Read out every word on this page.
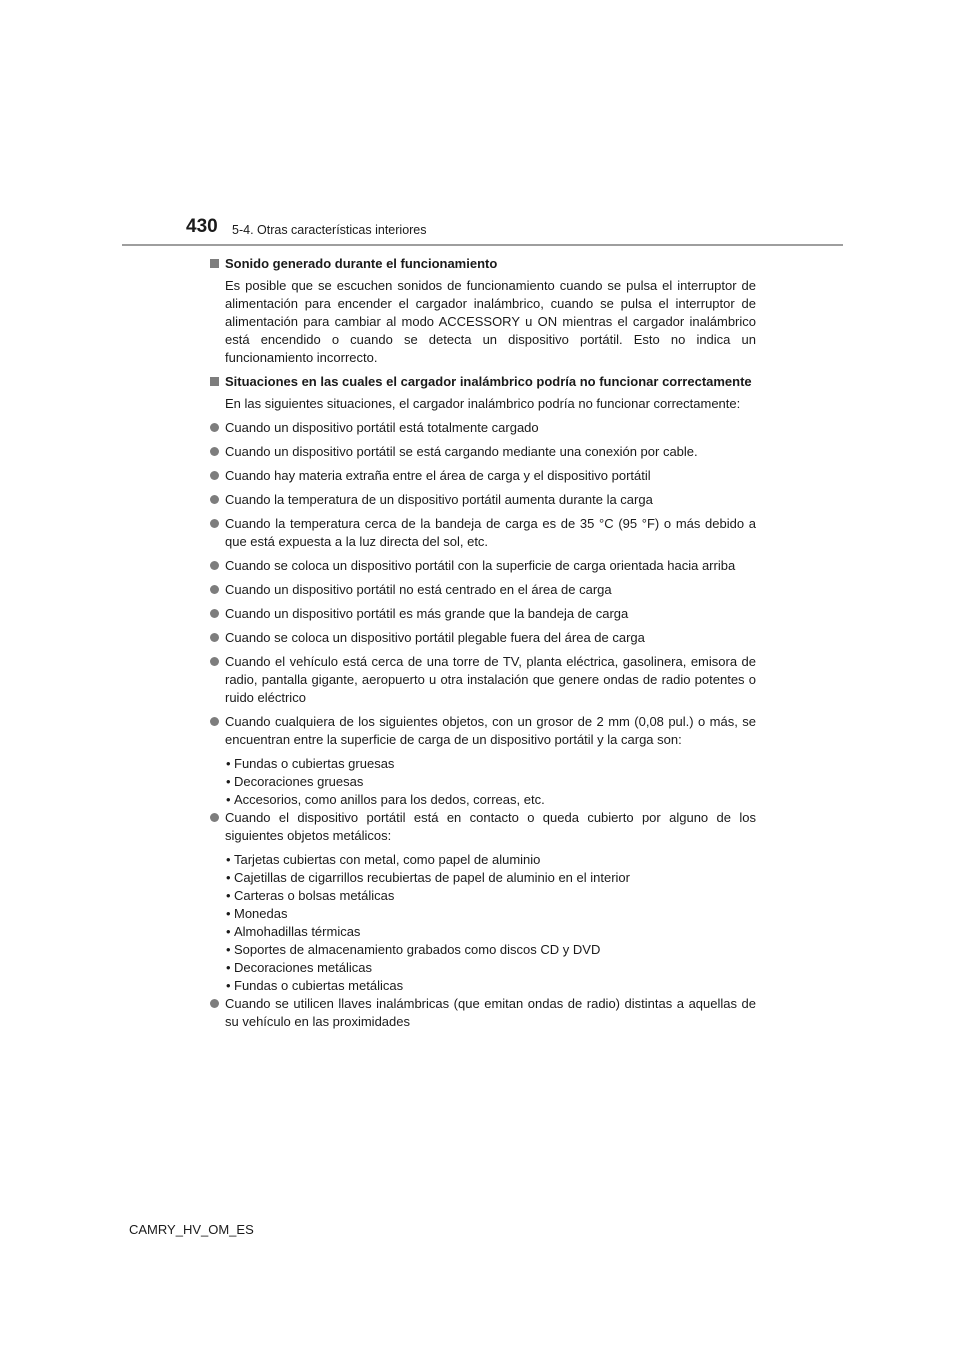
430 5-4. Otras características interiores
Sonido generado durante el funcionamiento
Es posible que se escuchen sonidos de funcionamiento cuando se pulsa el interruptor de alimentación para encender el cargador inalámbrico, cuando se pulsa el interruptor de alimentación para cambiar al modo ACCESSORY u ON mientras el cargador inalámbrico está encendido o cuando se detecta un dispositivo portátil. Esto no indica un funcionamiento incorrecto.
Situaciones en las cuales el cargador inalámbrico podría no funcionar correctamente
En las siguientes situaciones, el cargador inalámbrico podría no funcionar correctamente:
Cuando un dispositivo portátil está totalmente cargado
Cuando un dispositivo portátil se está cargando mediante una conexión por cable.
Cuando hay materia extraña entre el área de carga y el dispositivo portátil
Cuando la temperatura de un dispositivo portátil aumenta durante la carga
Cuando la temperatura cerca de la bandeja de carga es de 35 °C (95 °F) o más debido a que está expuesta a la luz directa del sol, etc.
Cuando se coloca un dispositivo portátil con la superficie de carga orientada hacia arriba
Cuando un dispositivo portátil no está centrado en el área de carga
Cuando un dispositivo portátil es más grande que la bandeja de carga
Cuando se coloca un dispositivo portátil plegable fuera del área de carga
Cuando el vehículo está cerca de una torre de TV, planta eléctrica, gasolinera, emisora de radio, pantalla gigante, aeropuerto u otra instalación que genere ondas de radio potentes o ruido eléctrico
Cuando cualquiera de los siguientes objetos, con un grosor de 2 mm (0,08 pul.) o más, se encuentran entre la superficie de carga de un dispositivo portátil y la carga son:
• Fundas o cubiertas gruesas
• Decoraciones gruesas
• Accesorios, como anillos para los dedos, correas, etc.
Cuando el dispositivo portátil está en contacto o queda cubierto por alguno de los siguientes objetos metálicos:
• Tarjetas cubiertas con metal, como papel de aluminio
• Cajetillas de cigarrillos recubiertas de papel de aluminio en el interior
• Carteras o bolsas metálicas
• Monedas
• Almohadillas térmicas
• Soportes de almacenamiento grabados como discos CD y DVD
• Decoraciones metálicas
• Fundas o cubiertas metálicas
Cuando se utilicen llaves inalámbricas (que emitan ondas de radio) distintas a aquellas de su vehículo en las proximidades
CAMRY_HV_OM_ES
